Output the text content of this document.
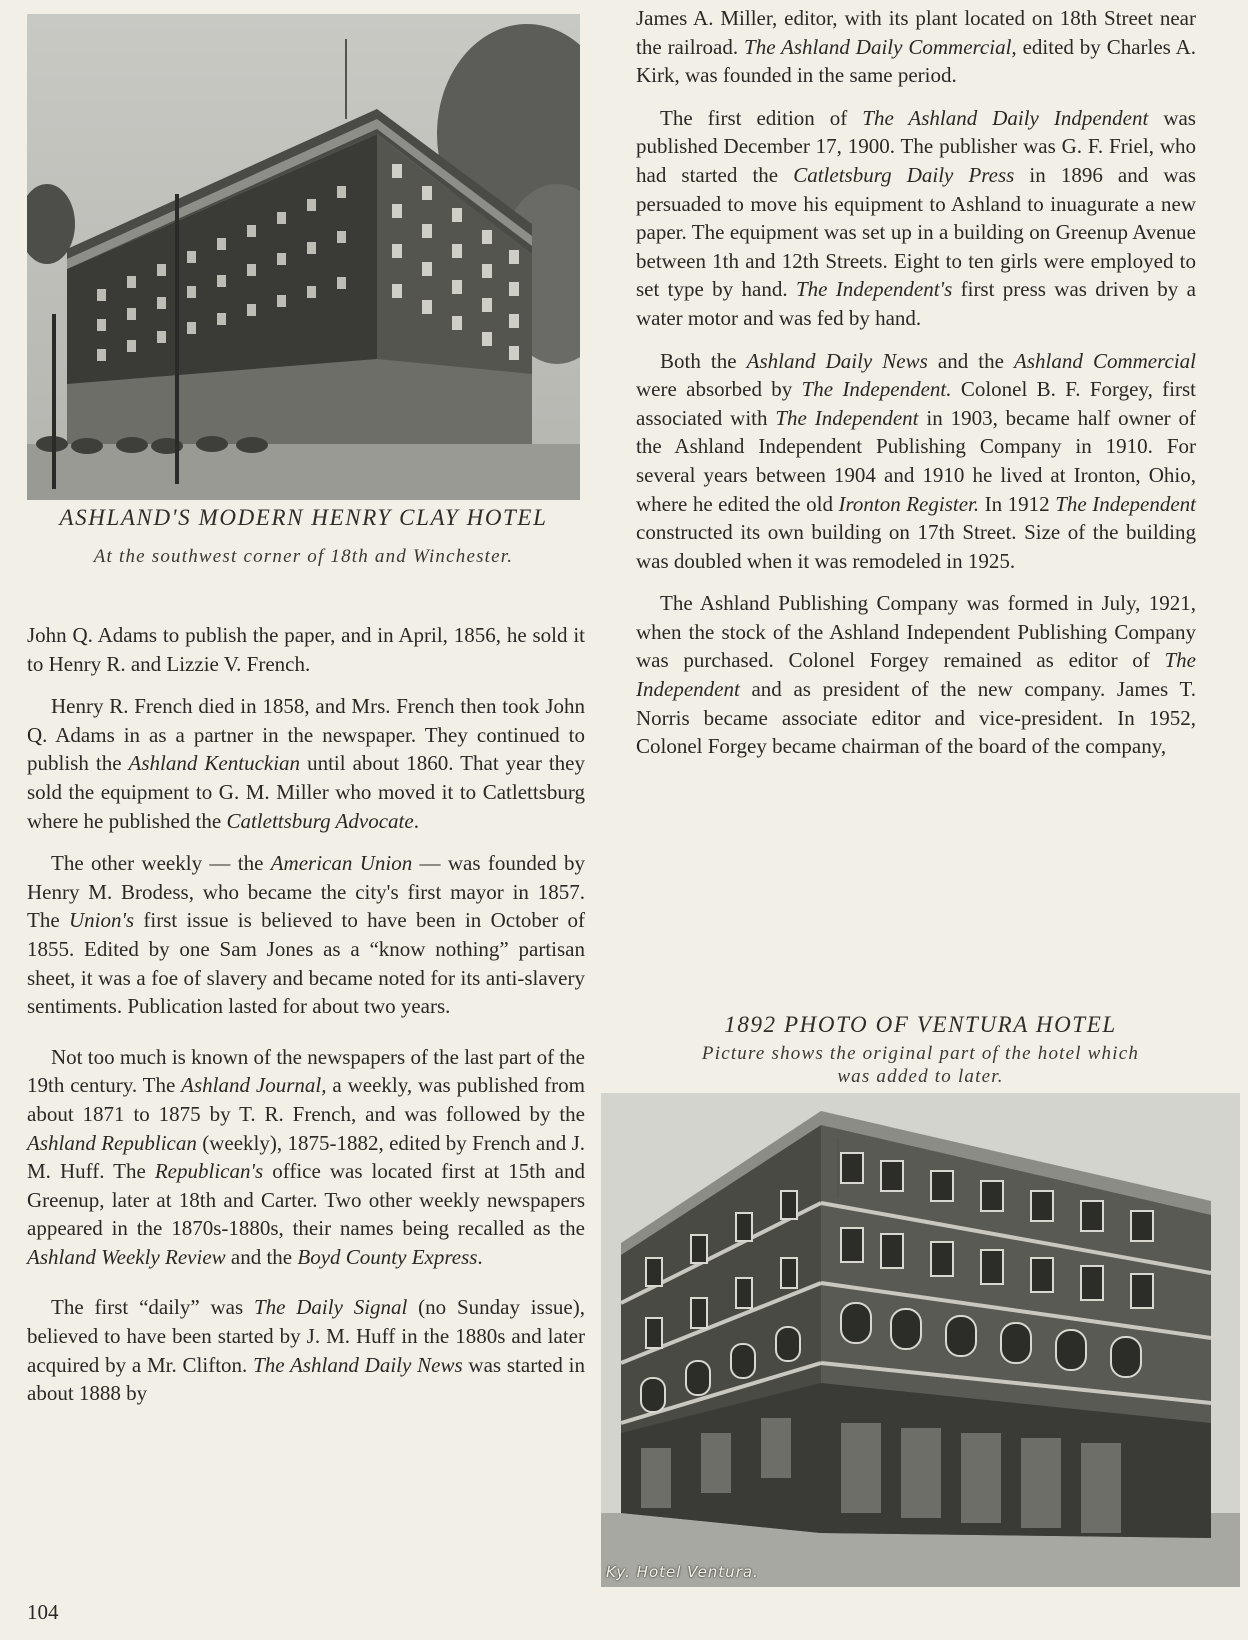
ASHLAND'S MODERN HENRY CLAY HOTEL
At the southwest corner of 18th and Winchester.

John Q. Adams to publish the paper, and in April, 1856, he sold it to Henry R. and Lizzie V. French.

Henry R. French died in 1858, and Mrs. French then took John Q. Adams in as a partner in the newspaper. They continued to publish the Ashland Kentuckian until about 1860. That year they sold the equipment to G. M. Miller who moved it to Catlettsburg where he published the Catlettsburg Advocate.

The other weekly — the American Union — was founded by Henry M. Brodess, who became the city's first mayor in 1857. The Union's first issue is believed to have been in October of 1855. Edited by one Sam Jones as a “know nothing” partisan sheet, it was a foe of slavery and became noted for its anti-slavery sentiments. Publication lasted for about two years.

Not too much is known of the newspapers of the last part of the 19th century. The Ashland Journal, a weekly, was published from about 1871 to 1875 by T. R. French, and was followed by the Ashland Republican (weekly), 1875-1882, edited by French and J. M. Huff. The Republican's office was located first at 15th and Greenup, later at 18th and Carter. Two other weekly newspapers appeared in the 1870s-1880s, their names being recalled as the Ashland Weekly Review and the Boyd County Express.

The first “daily” was The Daily Signal (no Sunday issue), believed to have been started by J. M. Huff in the 1880s and later acquired by a Mr. Clifton. The Ashland Daily News was started in about 1888 by

James A. Miller, editor, with its plant located on 18th Street near the railroad. The Ashland Daily Commercial, edited by Charles A. Kirk, was founded in the same period.

The first edition of The Ashland Daily Indpendent was published December 17, 1900. The publisher was G. F. Friel, who had started the Catletsburg Daily Press in 1896 and was persuaded to move his equipment to Ashland to inuagurate a new paper. The equipment was set up in a building on Greenup Avenue between 1th and 12th Streets. Eight to ten girls were employed to set type by hand. The Independent's first press was driven by a water motor and was fed by hand.

Both the Ashland Daily News and the Ashland Commercial were absorbed by The Independent. Colonel B. F. Forgey, first associated with The Independent in 1903, became half owner of the Ashland Independent Publishing Company in 1910. For several years between 1904 and 1910 he lived at Ironton, Ohio, where he edited the old Ironton Register. In 1912 The Independent constructed its own building on 17th Street. Size of the building was doubled when it was remodeled in 1925.

The Ashland Publishing Company was formed in July, 1921, when the stock of the Ashland Independent Publishing Company was purchased. Colonel Forgey remained as editor of The Independent and as president of the new company. James T. Norris became associate editor and vice-president. In 1952, Colonel Forgey became chairman of the board of the company,

1892 PHOTO OF VENTURA HOTEL
Picture shows the original part of the hotel which
was added to later.
Ky. Hotel Ventura.
104
